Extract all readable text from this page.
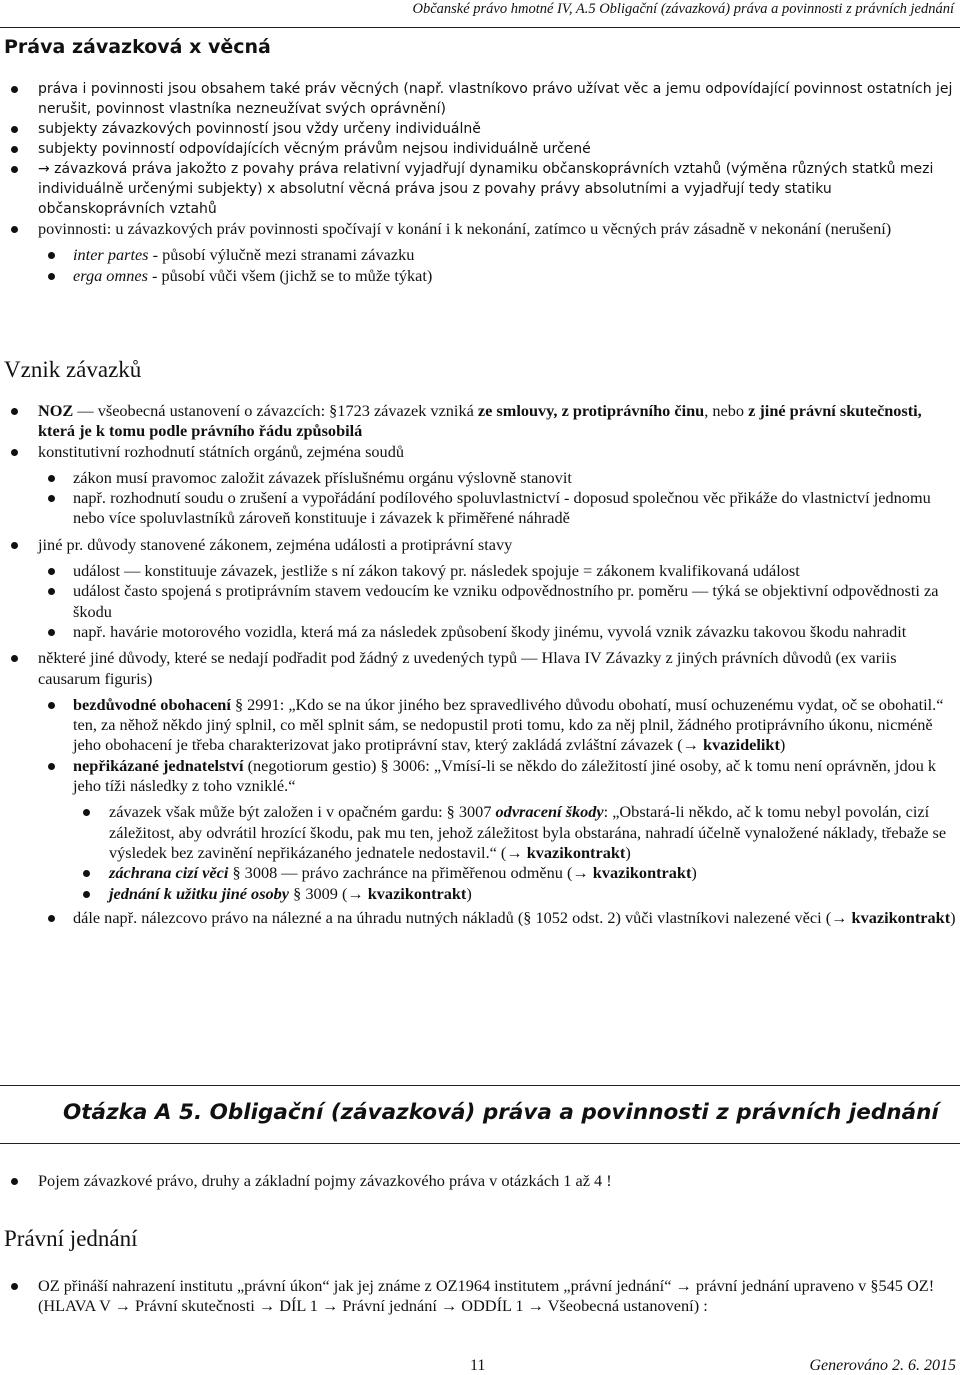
Občanské právo hmotné IV, A.5 Obligační (závazková) práva a povinnosti z právních jednání
Práva závazková x věcná
práva i povinnosti jsou obsahem také práv věcných (např. vlastníkovo právo užívat věc a jemu odpovídající povinnost ostatních jej nerušit, povinnost vlastníka nezneužívat svých oprávnění)
subjekty závazkových povinností jsou vždy určeny individuálně
subjekty povinností odpovídajících věcným právům nejsou individuálně určené
→ závazková práva jakožto z povahy práva relativní vyjadřují dynamiku občanskoprávních vztahů (výměna různých statků mezi individuálně určenými subjekty) x absolutní věcná práva jsou z povahy právy absolutními a vyjadřují tedy statiku občanskoprávních vztahů
povinnosti: u závazkových práv povinnosti spočívají v konání i k nekonání, zatímco u věcných práv zásadně v nekonání (nerušení)
inter partes - působí výlučně mezi stranami závazku
erga omnes - působí vůči všem (jichž se to může týkat)
Vznik závazků
NOZ — všeobecná ustanovení o závazcích: §1723 závazek vzniká ze smlouvy, z protiprávního činu, nebo z jiné právní skutečnosti, která je k tomu podle právního řádu způsobilá
konstitutivní rozhodnutí státních orgánů, zejména soudů
zákon musí pravomoc založit závazek příslušnému orgánu výslovně stanovit
např. rozhodnutí soudu o zrušení a vypořádání podílového spoluvlastnictví - doposud společnou věc přikáže do vlastnictví jednomu nebo více spoluvlastníků zároveň konstituuje i závazek k přiměřené náhradě
jiné pr. důvody stanovené zákonem, zejména události a protiprávní stavy
událost — konstituuje závazek, jestliže s ní zákon takový pr. následek spojuje = zákonem kvalifikovaná událost
událost často spojená s protiprávním stavem vedoucím ke vzniku odpovědnostního pr. poměru — týká se objektivní odpovědnosti za škodu
např. havárie motorového vozidla, která má za následek způsobení škody jinému, vyvolá vznik závazku takovou škodu nahradit
některé jiné důvody, které se nedají podřadit pod žádný z uvedených typů — Hlava IV Závazky z jiných právních důvodů (ex variis causarum figuris)
bezdůvodné obohacení § 2991: „Kdo se na úkor jiného bez spravedlivého důvodu obohatí, musí ochuzenému vydat, oč se obohatil.“ ten, za něhož někdo jiný splnil, co měl splnit sám, se nedopustil proti tomu, kdo za něj plnil, žádného protiprávního úkonu, nicméně jeho obohacení je třeba charakterizovat jako protiprávní stav, který zakládá zvláštní závazek (→ kvazidelikt)
nepřikázané jednatelství (negotiorum gestio) § 3006: „Vmísí-li se někdo do záležitostí jiné osoby, ač k tomu není oprávněn, jdou k jeho tíži následky z toho vzniklé.“
závazek však může být založen i v opačném gardu: § 3007 odvracení škody: „Obstará-li někdo, ač k tomu nebyl povolán, cizí záležitost, aby odvrátil hrozící škodu, pak mu ten, jehož záležitost byla obstarána, nahradí účelně vynaložené náklady, třebaže se výsledek bez zavinění nepřikázaného jednatele nedostavil.“ (→ kvazikontrakt)
záchrana cizí věci § 3008 — právo zachránce na přiměřenou odměnu (→ kvazikontrakt)
jednání k užitku jiné osoby § 3009 (→ kvazikontrakt)
dále např. nálezcovo právo na nálezné a na úhradu nutných nákladů (§ 1052 odst. 2) vůči vlastníkovi nalezené věci (→ kvazikontrakt)
Otázka A 5. Obligační (závazková) práva a povinnosti z právních jednání
Pojem závazkové právo, druhy a základní pojmy závazkového práva v otázkách 1 až 4 !
Právní jednání
OZ přináší nahrazení institutu „právní úkon“ jak jej známe z OZ1964 institutem „právní jednání“ → právní jednání upraveno v §545 OZ! (HLAVA V → Právní skutečnosti → DÍL 1 → Právní jednání → ODDÍL 1 → Všeobecná ustanovení) :
11	Generováno 2. 6. 2015
